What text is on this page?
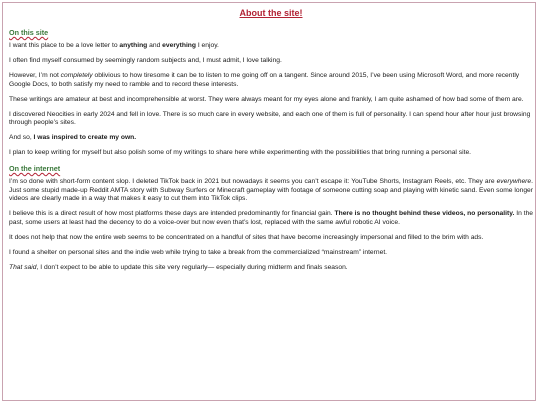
About the site!
On this site

I want this place to be a love letter to anything and everything I enjoy.

I often find myself consumed by seemingly random subjects and, I must admit, I love talking.

However, I’m not completely oblivious to how tiresome it can be to listen to me going off on a tangent. Since around 2015, I’ve been using Microsoft Word, and more recently Google Docs, to both satisfy my need to ramble and to record these interests.

These writings are amateur at best and incomprehensible at worst. They were always meant for my eyes alone and frankly, I am quite ashamed of how bad some of them are.

I discovered Neocities in early 2024 and fell in love. There is so much care in every website, and each one of them is full of personality. I can spend hour after hour just browsing through people’s sites.

And so, I was inspired to create my own.

I plan to keep writing for myself but also polish some of my writings to share here while experimenting with the possibilities that bring running a personal site.

On the internet

I’m so done with short-form content slop. I deleted TikTok back in 2021 but nowadays it seems you can’t escape it: YouTube Shorts, Instagram Reels, etc. They are everywhere. Just some stupid made-up Reddit AMTA story with Subway Surfers or Minecraft gameplay with footage of someone cutting soap and playing with kinetic sand. Even some longer videos are clearly made in a way that makes it easy to cut them into TikTok clips.

I believe this is a direct result of how most platforms these days are intended predominantly for financial gain. There is no thought behind these videos, no personality. In the past, some users at least had the decency to do a voice-over but now even that’s lost, replaced with the same awful robotic AI voice.

It does not help that now the entire web seems to be concentrated on a handful of sites that have become increasingly impersonal and filled to the brim with ads.

I found a shelter on personal sites and the indie web while trying to take a break from the commercialized “mainstream” internet.

That said, I don’t expect to be able to update this site very regularly— especially during midterm and finals season.
